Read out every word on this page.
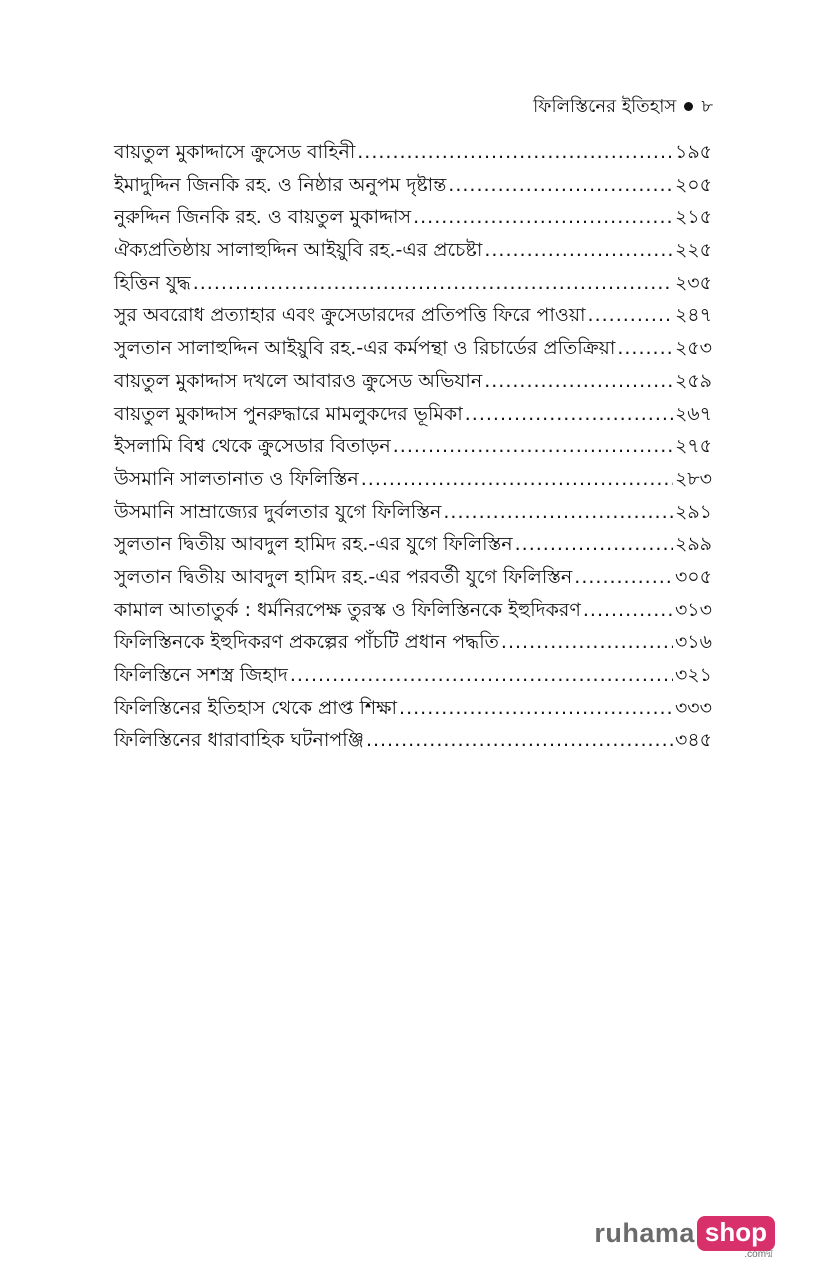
ফিলিস্তিনের ইতিহাস ৮
বায়তুল মুকাদ্দাসে ক্রুসেড বাহিনী .....	১৯৫
ইমাদুদ্দিন জিনকি রহ. ও নিষ্ঠার অনুপম দৃষ্টান্ত .....	২০৫
নুরুদ্দিন জিনকি রহ. ও বায়তুল মুকাদ্দাস .....	২১৫
ঐক্যপ্রতিষ্ঠায় সালাহুদ্দিন আইয়ুবি রহ.-এর প্রচেষ্টা .....	২২৫
হিত্তিন যুদ্ধ .....	২৩৫
সুর অবরোধ প্রত্যাহার এবং ক্রুসেডারদের প্রতিপত্তি ফিরে পাওয়া .....	২৪৭
সুলতান সালাহুদ্দিন আইয়ুবি রহ.-এর কর্মপন্থা ও রিচার্ডের প্রতিক্রিয়া .....	২৫৩
বায়তুল মুকাদ্দাস দখলে আবারও ক্রুসেড অভিযান .....	২৫৯
বায়তুল মুকাদ্দাস পুনরুদ্ধারে মামলুকদের ভূমিকা .....	২৬৭
ইসলামি বিশ্ব থেকে ক্রুসেডার বিতাড়ন .....	২৭৫
উসমানি সালতানাত ও ফিলিস্তিন .....	২৮৩
উসমানি সাম্রাজ্যের দুর্বলতার যুগে ফিলিস্তিন .....	২৯১
সুলতান দ্বিতীয় আবদুল হামিদ রহ.-এর যুগে ফিলিস্তিন .....	২৯৯
সুলতান দ্বিতীয় আবদুল হামিদ রহ.-এর পরবর্তী যুগে ফিলিস্তিন .....	৩০৫
কামাল আতাতুর্ক : ধর্মনিরপেক্ষ তুরস্ক ও ফিলিস্তিনকে ইহুদিকরণ .....	৩১৩
ফিলিস্তিনকে ইহুদিকরণ প্রকল্পের পাঁচটি প্রধান পদ্ধতি .....	৩১৬
ফিলিস্তিনে সশস্ত্র জিহাদ .....	৩২১
ফিলিস্তিনের ইতিহাস থেকে প্রাপ্ত শিক্ষা .....	৩৩৩
ফিলিস্তিনের ধারাবাহিক ঘটনাপঞ্জি .....	৩৪৫
ruhama shop
.comদ্ম
